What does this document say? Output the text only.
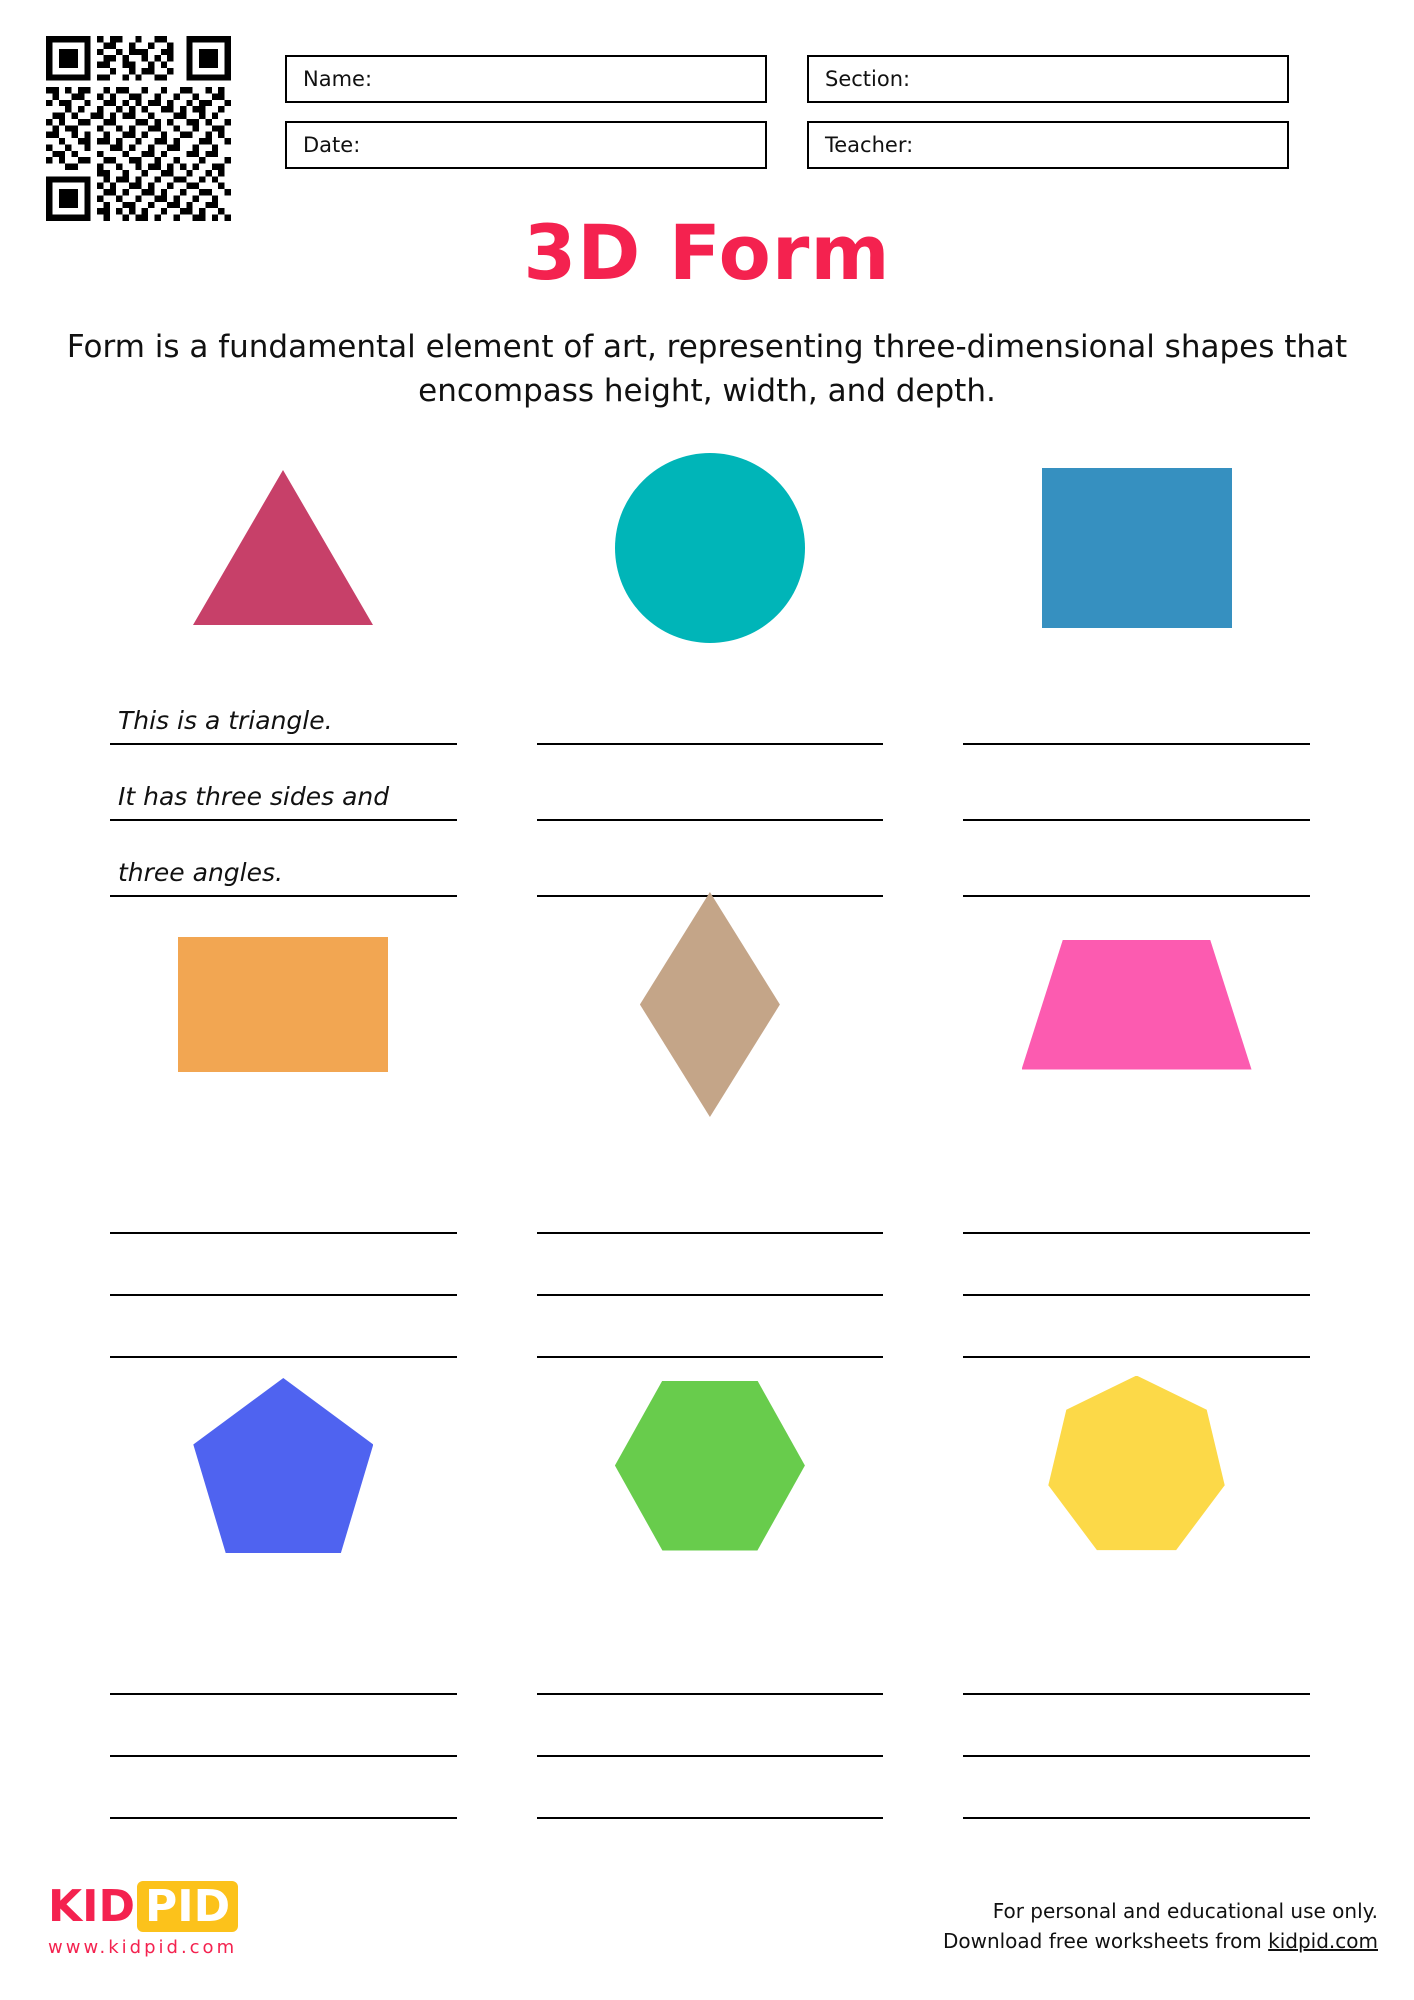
Name:	Section:
Date:	Teacher:
3D Form
Form is a fundamental element of art, representing three-dimensional shapes that encompass height, width, and depth.
This is a triangle.
It has three sides and
three angles.
KID PID
www.kidpid.com
For personal and educational use only.
Download free worksheets from kidpid.com
